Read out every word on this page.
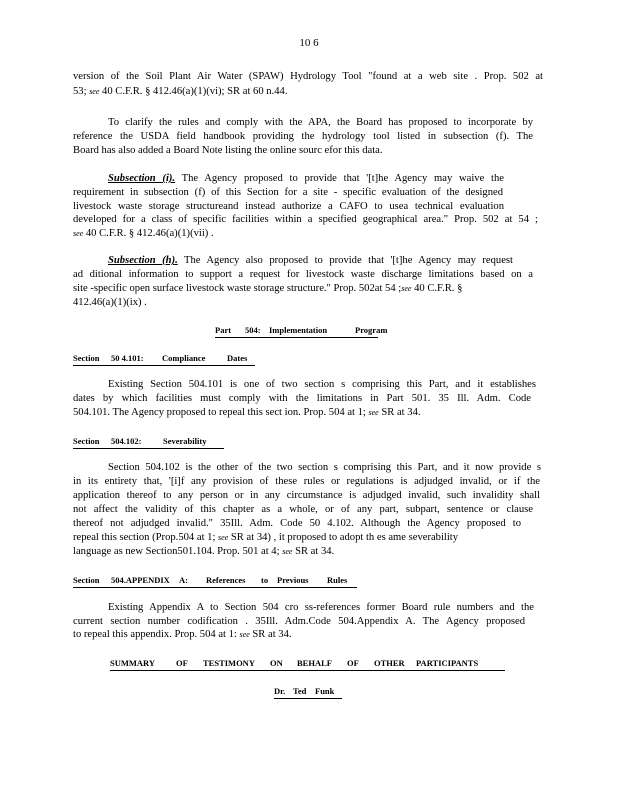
10 6

version of the Soil Plant Air Water (SPAW) Hydrology Tool "found at a web site . Prop. 502 at

53; see 40 C.F.R. § 412.46(a)(1)(vi); SR at 60 n.44.

To clarify the rules and comply with the APA, the Board has proposed to incorporate by

reference the USDA field handbook providing the hydrology tool listed in subsection (f). The

Board has also added a Board Note listing the online sourc efor this data.

Subsection (i). The Agency proposed to provide that '[t]he Agency may waive the

requirement in subsection (f) of this Section for a site - specific evaluation of the designed

livestock waste storage structureand instead authorize a CAFO to usea technical evaluation

developed for a class of specific facilities within a specified geographical area." Prop. 502 at 54 ;

see 40 C.F.R. § 412.46(a)(1)(vii) .

Subsection (h). The Agency also proposed to provide that '[t]he Agency may request

ad ditional information to support a request for livestock waste discharge limitations based on a

site -specific open surface livestock waste storage structure." Prop. 502at 54 ;see 40 C.F.R. §

412.46(a)(1)(ix) .

Part 504: Implementation	Program
Section 50 4.101: Compliance	Dates

Existing Section 504.101 is one of two section s comprising this Part, and it establishes

dates by which facilities must comply with the limitations in Part 501. 35 Ill. Adm. Code

504.101. The Agency proposed to repeal this sect ion. Prop. 504 at 1; see SR at 34.

Section 504.102:	Severability

Section 504.102 is the other of the two section s comprising this Part, and it now provide s

in its entirety that, '[i]f any provision of these rules or regulations is adjudged invalid, or if the

application thereof to any person or in any circumstance is adjudged invalid, such invalidity shall

not affect the validity of this chapter as a whole, or of any part, subpart, sentence or clause

thereof not adjudged invalid." 35Ill. Adm. Code 50 4.102. Although the Agency proposed to

repeal this section (Prop.504 at 1; see SR at 34) , it proposed to adopt th es ame severability

language as new Section501.104. Prop. 501 at 4; see SR at 34.

Section 504.APPENDIX A: References to Previous Rules

Existing Appendix A to Section 504 cro ss-references former Board rule numbers and the

current section number codification . 35Ill. Adm.Code 504.Appendix A. The Agency proposed

to repeal this appendix. Prop. 504 at 1: see SR at 34.

SUMMARY OF TESTIMONY ON BEHALF OF OTHER PARTICIPANTS
Dr. Ted Funk
